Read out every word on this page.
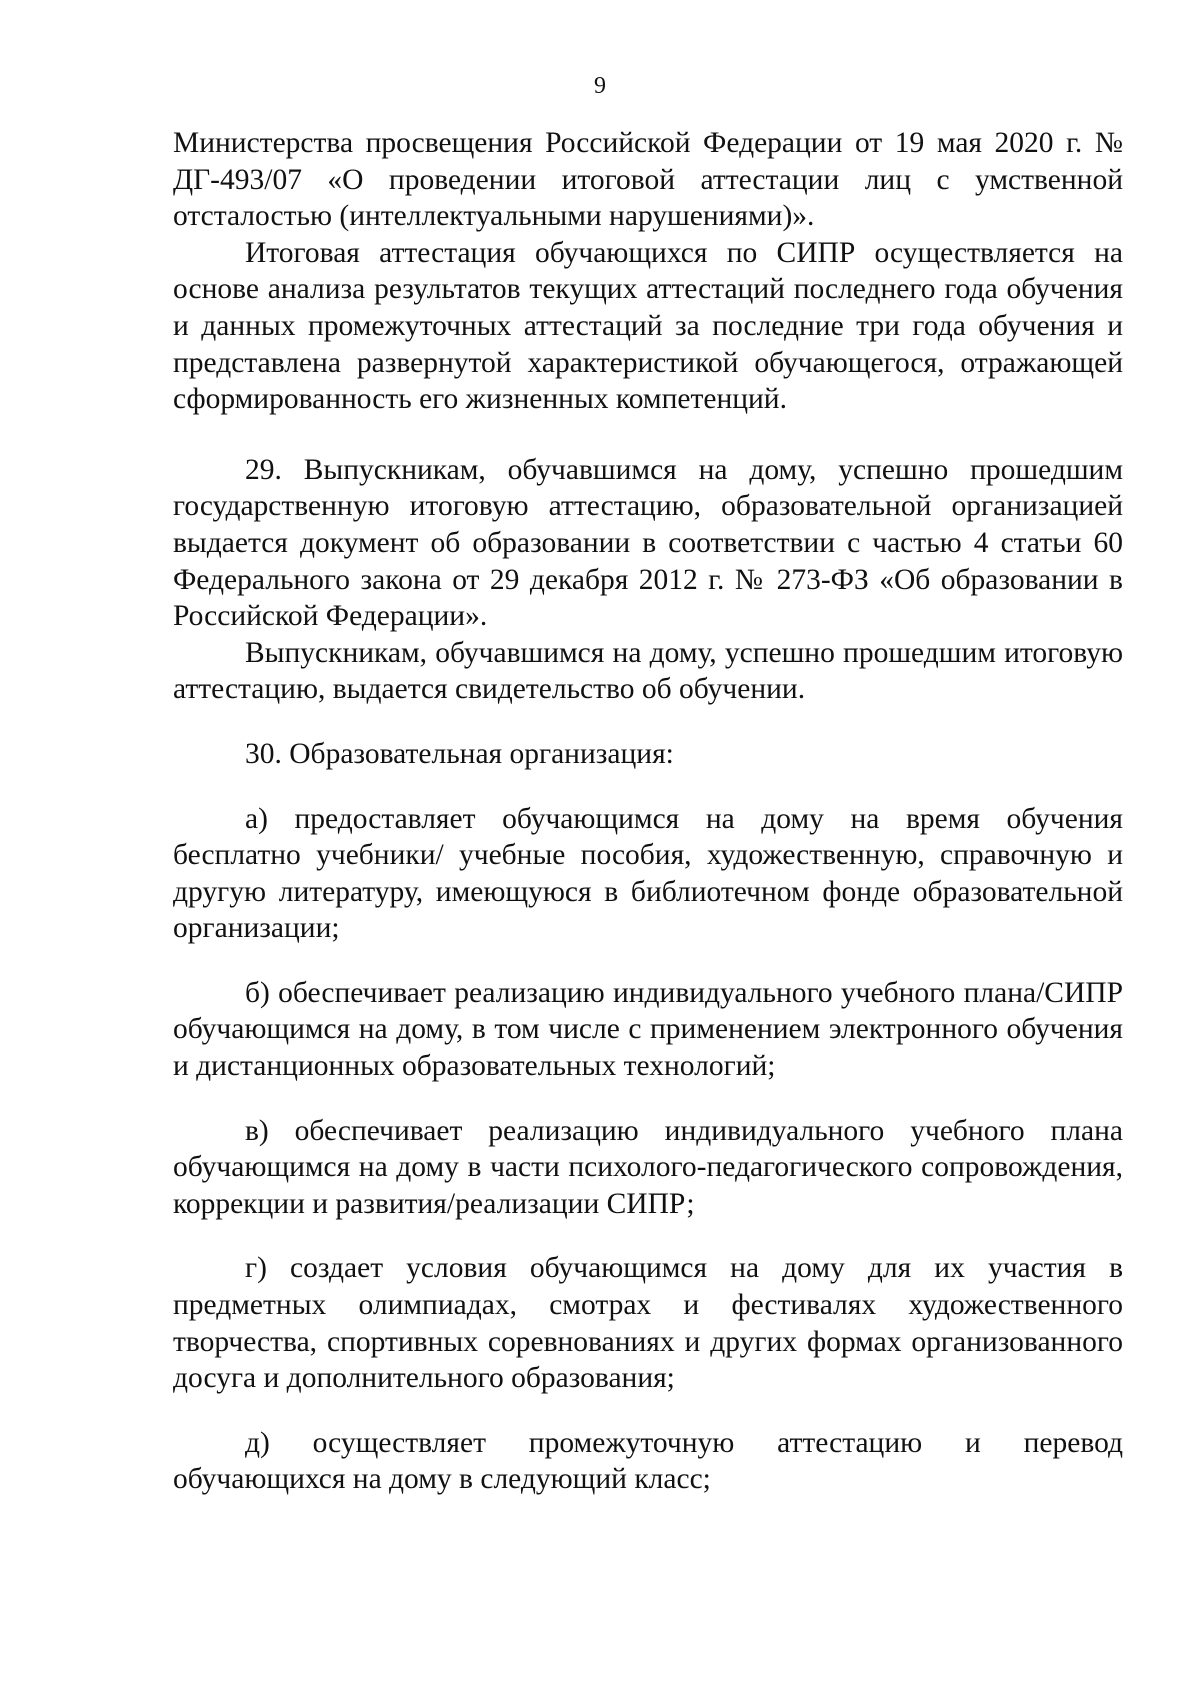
9

Министерства просвещения Российской Федерации от 19 мая 2020 г. № ДГ-493/07 «О проведении итоговой аттестации лиц с умственной отсталостью (интеллектуальными нарушениями)».

Итоговая аттестация обучающихся по СИПР осуществляется на основе анализа результатов текущих аттестаций последнего года обучения и данных промежуточных аттестаций за последние три года обучения и представлена развернутой характеристикой обучающегося, отражающей сформированность его жизненных компетенций.

29. Выпускникам, обучавшимся на дому, успешно прошедшим государственную итоговую аттестацию, образовательной организацией выдается документ об образовании в соответствии с частью 4 статьи 60 Федерального закона от 29 декабря 2012 г. № 273-ФЗ «Об образовании в Российской Федерации».

Выпускникам, обучавшимся на дому, успешно прошедшим итоговую аттестацию, выдается свидетельство об обучении.

30. Образовательная организация:

а) предоставляет обучающимся на дому на время обучения бесплатно учебники/ учебные пособия, художественную, справочную и другую литературу, имеющуюся в библиотечном фонде образовательной организации;

б) обеспечивает реализацию индивидуального учебного плана/СИПР обучающимся на дому, в том числе с применением электронного обучения и дистанционных образовательных технологий;

в) обеспечивает реализацию индивидуального учебного плана обучающимся на дому в части психолого-педагогического сопровождения, коррекции и развития/реализации СИПР;

г) создает условия обучающимся на дому для их участия в предметных олимпиадах, смотрах и фестивалях художественного творчества, спортивных соревнованиях и других формах организованного досуга и дополнительного образования;

д) осуществляет промежуточную аттестацию и перевод обучающихся на дому в следующий класс;
